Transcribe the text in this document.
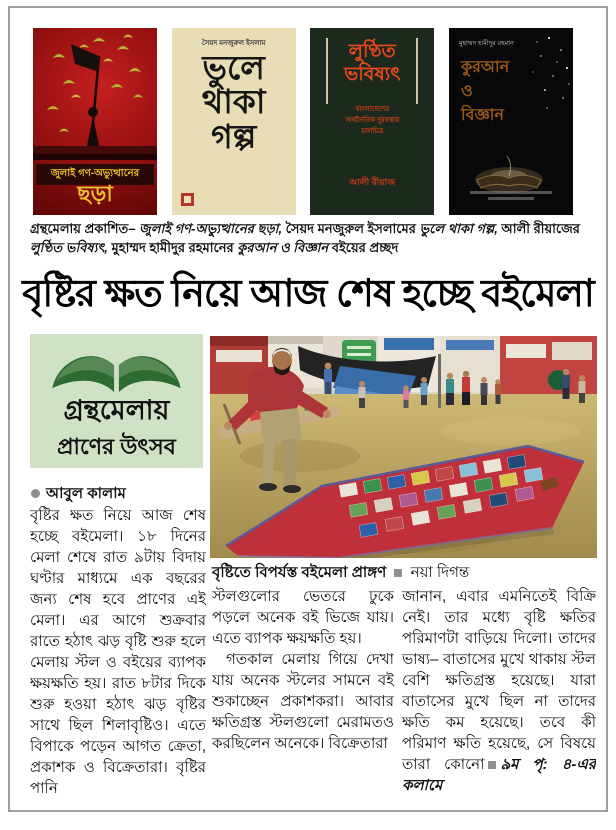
জুলাই গণ-অভ্যুত্থানের
ছড়া
সৈয়দ মনজুরুল ইসলাম
ভুলে
থাকা
গল্প
লুণ্ঠিত
ভবিষ্যৎ
বাংলাদেশের
অর্থনৈতিক দুরবস্থার
চালচিত্র
আলী রীয়াজ
মুহাম্মদ হামীদুর রহমান
কুরআন
ও
বিজ্ঞান
গ্রন্থমেলায় প্রকাশিত– জুলাই গণ-অভ্যুত্থানের ছড়া, সৈয়দ মনজুরুল ইসলামের ভুলে থাকা গল্প, আলী রীয়াজের লুণ্ঠিত ভবিষ্যৎ, মুহাম্মদ হামীদুর রহমানের কুরআন ও বিজ্ঞান বইয়ের প্রচ্ছদ
বৃষ্টির ক্ষত নিয়ে আজ শেষ হচ্ছে বইমেলা
গ্রন্থমেলায়
প্রাণের উৎসব
আবুল কালাম

বৃষ্টির ক্ষত নিয়ে আজ শেষ হচ্ছে বইমেলা। ১৮ দিনের মেলা শেষে রাত ৯টায় বিদায় ঘণ্টার মাধ্যমে এক বছরের জন্য শেষ হবে প্রাণের এই মেলা। এর আগে শুক্রবার রাতে হঠাৎ ঝড় বৃষ্টি শুরু হলে মেলায় স্টল ও বইয়ের ব্যাপক ক্ষয়ক্ষতি হয়। রাত ৮টার দিকে শুরু হওয়া হঠাৎ ঝড় বৃষ্টির সাথে ছিল শিলাবৃষ্টিও। এতে বিপাকে পড়েন আগত ক্রেতা, প্রকাশক ও বিক্রেতারা। বৃষ্টির পানি

বৃষ্টিতে বিপর্যস্ত বইমেলা প্রাঙ্গণ নয়া দিগন্ত

স্টলগুলোর ভেতরে ঢুকে পড়লে অনেক বই ভিজে যায়। এতে ব্যাপক ক্ষয়ক্ষতি হয়।

গতকাল মেলায় গিয়ে দেখা যায় অনেক স্টলের সামনে বই শুকাচ্ছেন প্রকাশকরা। আবার ক্ষতিগ্রস্ত স্টলগুলো মেরামতও করছিলেন অনেকে। বিক্রেতারা

জানান, এবার এমনিতেই বিক্রি নেই। তার মধ্যে বৃষ্টি ক্ষতির পরিমাণটা বাড়িয়ে দিলো। তাদের ভাষ্য– বাতাসের মুখে থাকায় স্টল বেশি ক্ষতিগ্রস্ত হয়েছে। যারা বাতাসের মুখে ছিল না তাদের ক্ষতি কম হয়েছে। তবে কী পরিমাণ ক্ষতি হয়েছে, সে বিষয়ে তারা কোনো ৯ম পৃ: ৪-এর কলামে
